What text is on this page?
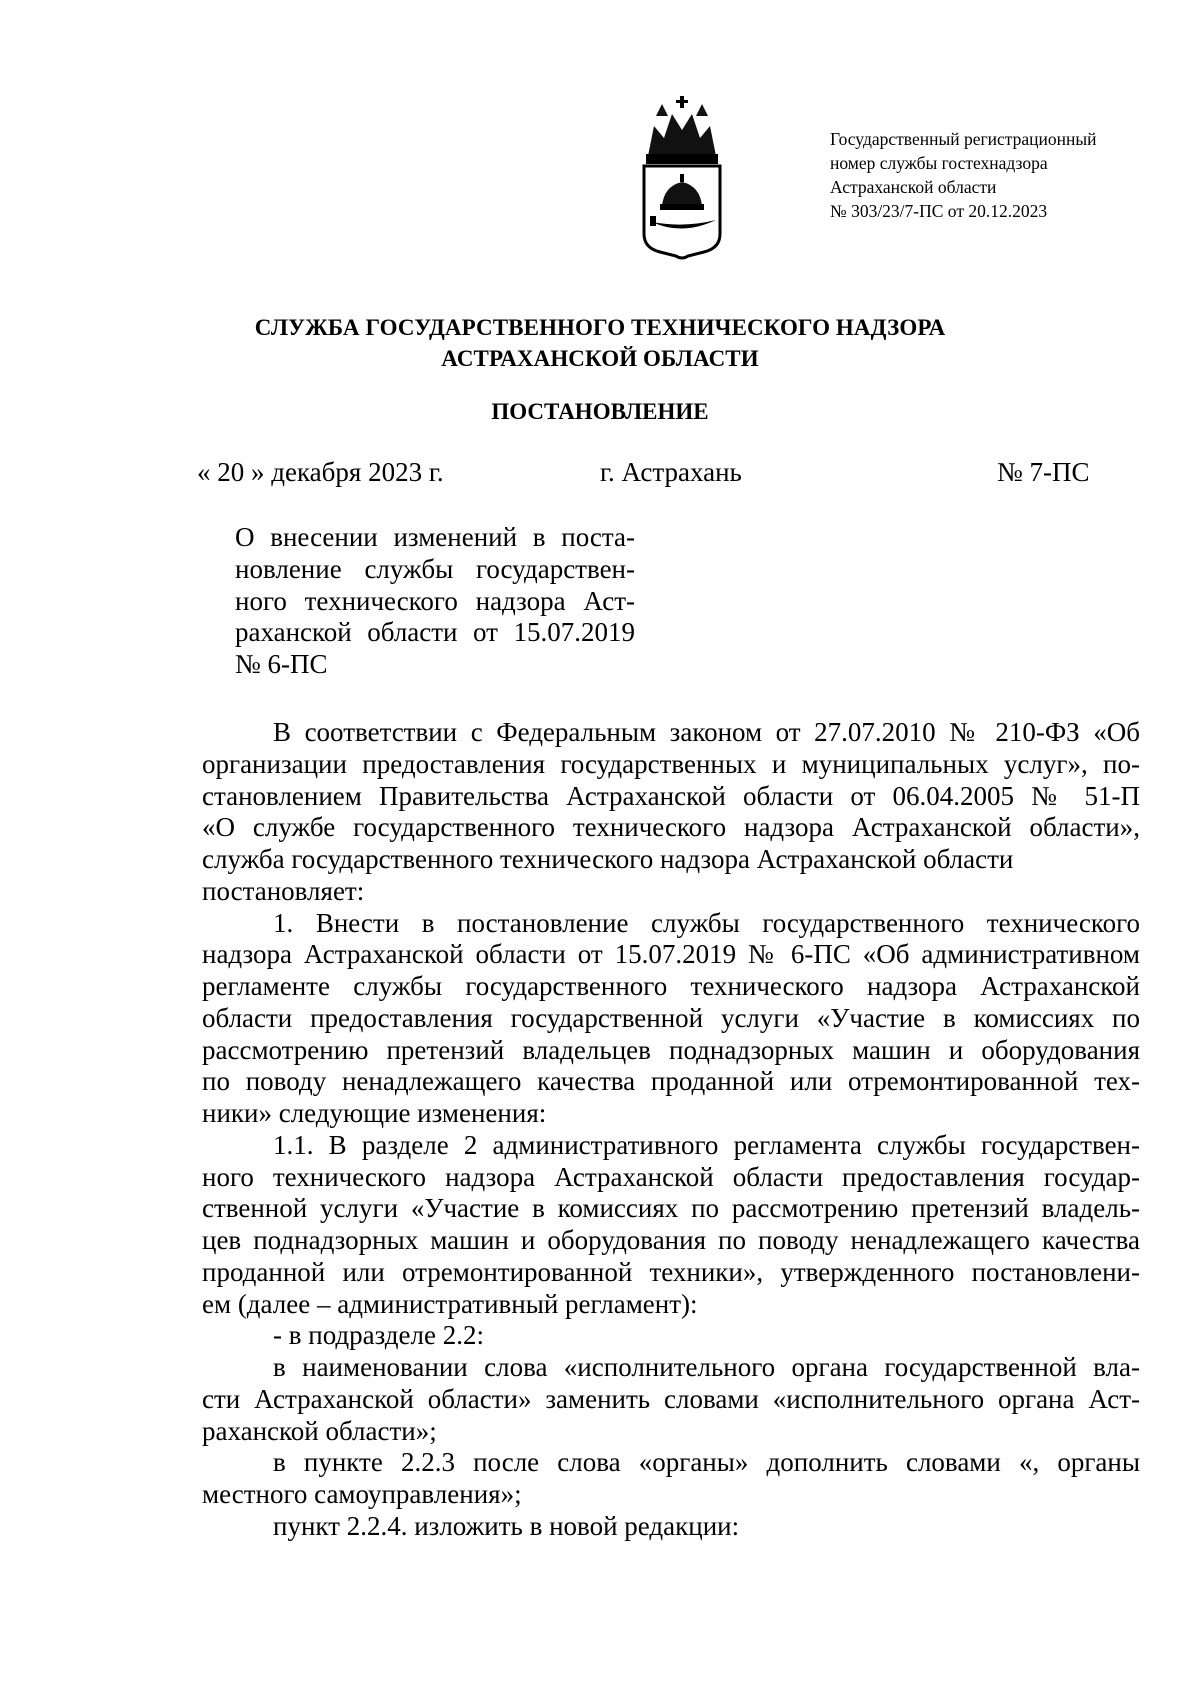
Государственный регистрационный
номер службы гостехнадзора
Астраханской области
№ 303/23/7-ПС от 20.12.2023
СЛУЖБА ГОСУДАРСТВЕННОГО ТЕХНИЧЕСКОГО НАДЗОРА
АСТРАХАНСКОЙ ОБЛАСТИ
ПОСТАНОВЛЕНИЕ
« 20 » декабря 2023 г.	г. Астрахань	№ 7-ПС
О внесении изменений в поста-
новление службы государствен-
ного технического надзора Аст-
раханской области от 15.07.2019
№ 6-ПС
В соответствии с Федеральным законом от 27.07.2010 № 210-ФЗ «Об
организации предоставления государственных и муниципальных услуг», по-
становлением Правительства Астраханской области от 06.04.2005 № 51-П
«О службе государственного технического надзора Астраханской области»,
служба государственного технического надзора Астраханской области
постановляет:
1. Внести в постановление службы государственного технического
надзора Астраханской области от 15.07.2019 № 6-ПС «Об административном
регламенте службы государственного технического надзора Астраханской
области предоставления государственной услуги «Участие в комиссиях по
рассмотрению претензий владельцев поднадзорных машин и оборудования
по поводу ненадлежащего качества проданной или отремонтированной тех-
ники» следующие изменения:
1.1. В разделе 2 административного регламента службы государствен-
ного технического надзора Астраханской области предоставления государ-
ственной услуги «Участие в комиссиях по рассмотрению претензий владель-
цев поднадзорных машин и оборудования по поводу ненадлежащего качества
проданной или отремонтированной техники», утвержденного постановлени-
ем (далее – административный регламент):
- в подразделе 2.2:
в наименовании слова «исполнительного органа государственной вла-
сти Астраханской области» заменить словами «исполнительного органа Аст-
раханской области»;
в пункте 2.2.3 после слова «органы» дополнить словами «, органы
местного самоуправления»;
пункт 2.2.4. изложить в новой редакции:
